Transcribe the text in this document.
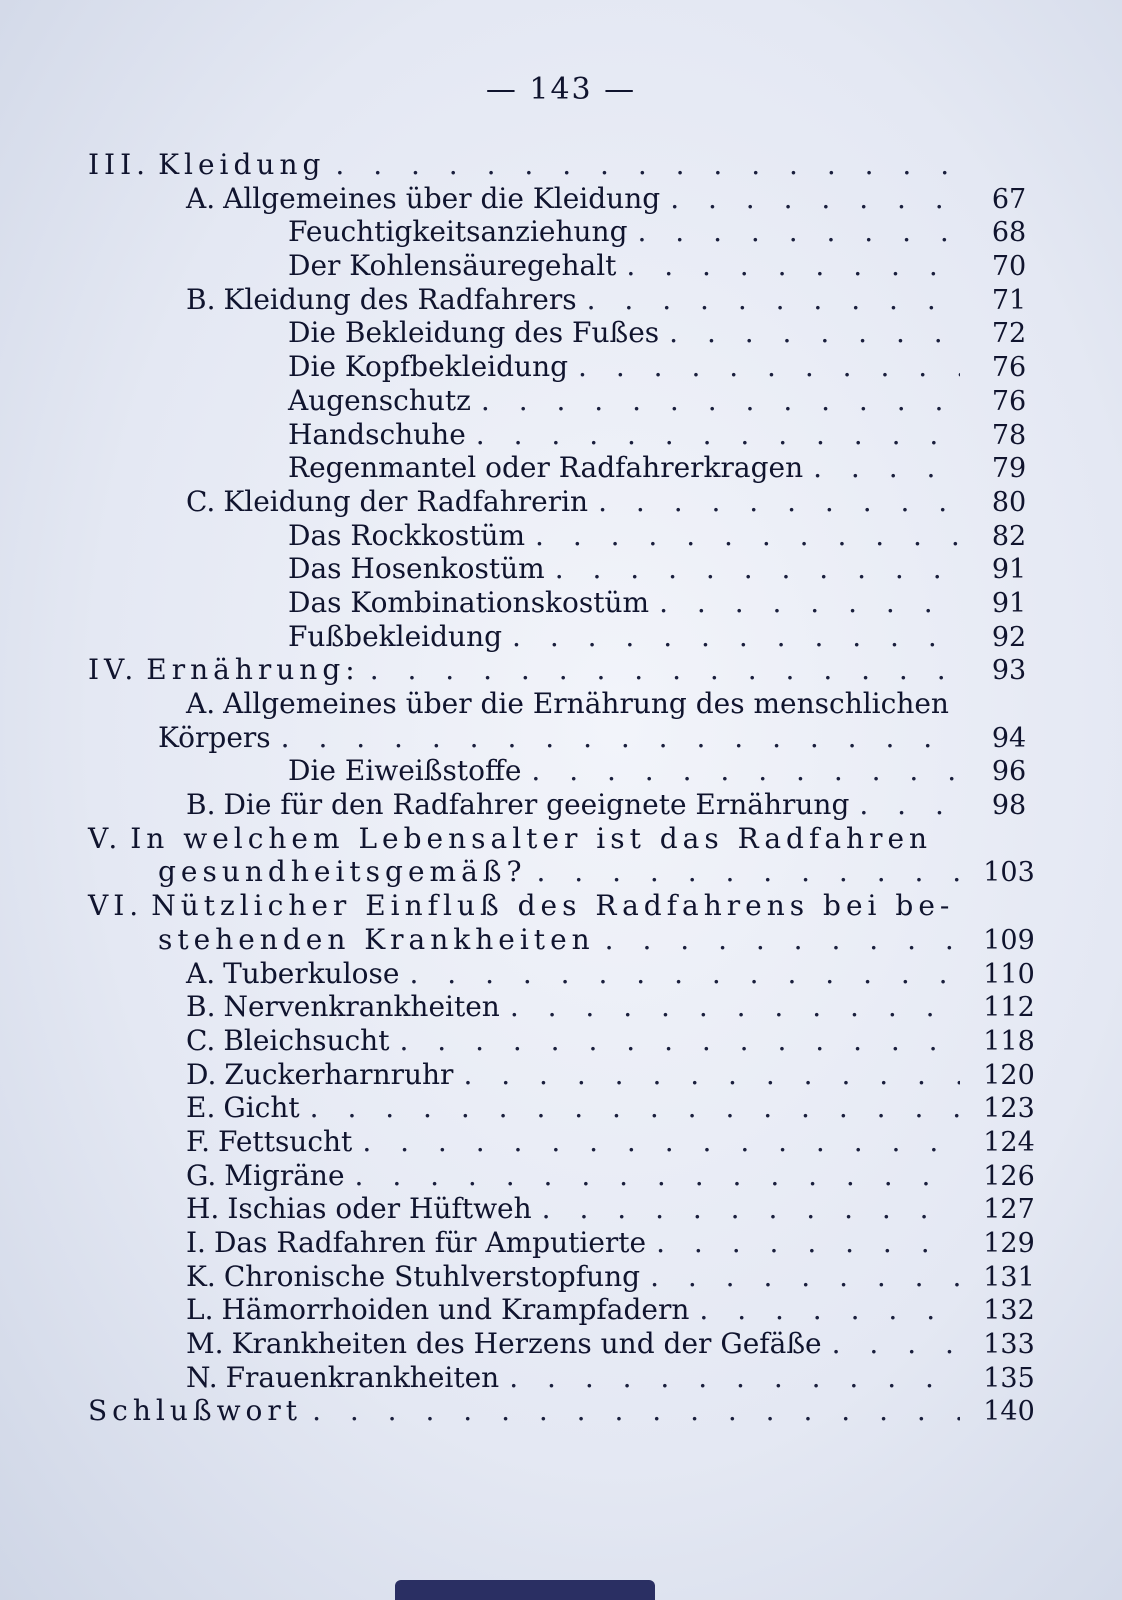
— 143 —
III. Kleidung
. . .
A. Allgemeines über die Kleidung . . .	67
Feuchtigkeitsanziehung . . .	68
Der Kohlensäuregehalt . . .	70
B. Kleidung des Radfahrers . . .	71
Die Bekleidung des Fußes . . .	72
Die Kopfbekleidung . . .	76
Augenschutz . . .	76
Handschuhe . . .	78
Regenmantel oder Radfahrerkragen . . .	79
C. Kleidung der Radfahrerin . . .	80
Das Rockkostüm . . .	82
Das Hosenkostüm . . .	91
Das Kombinationskostüm . . .	91
Fußbekleidung . . .	92
IV. Ernährung: . . .	93
A. Allgemeines über die Ernährung des menschlichen
Körpers . . .	94
Die Eiweißstoffe . . .	96
B. Die für den Radfahrer geeignete Ernährung . . .	98
V. In welchem Lebensalter ist das Radfahren
gesundheitsgemäß? . . .	103
VI. Nützlicher Einfluß des Radfahrens bei be-
stehenden Krankheiten . . .	109
A. Tuberkulose . . .	110
B. Nervenkrankheiten . . .	112
C. Bleichsucht . . .	118
D. Zuckerharnruhr . . .	120
E. Gicht . . .	123
F. Fettsucht . . .	124
G. Migräne . . .	126
H. Ischias oder Hüftweh . . .	127
I. Das Radfahren für Amputierte . . .	129
K. Chronische Stuhlverstopfung . . .	131
L. Hämorrhoiden und Krampfadern . . .	132
M. Krankheiten des Herzens und der Gefäße . . .	133
N. Frauenkrankheiten . . .	135
Schlußwort . . .	140
